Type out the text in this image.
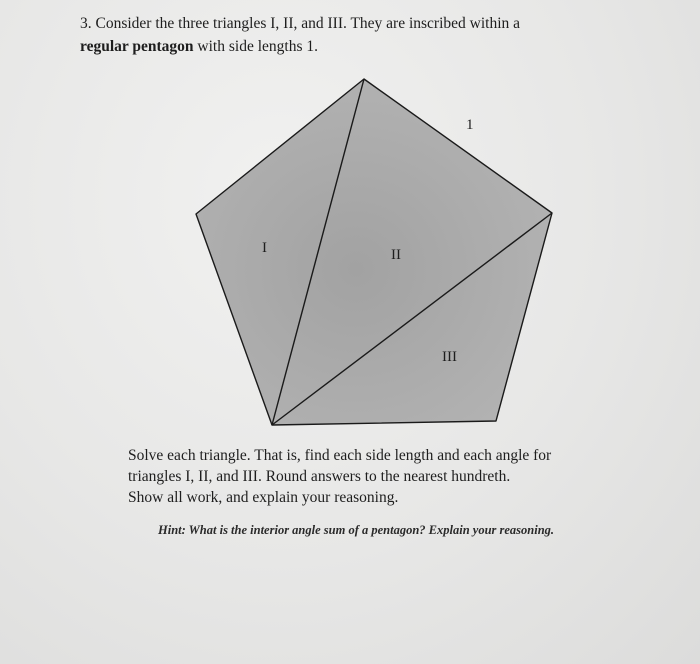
3. Consider the three triangles I, II, and III. They are inscribed within a
regular pentagon with side lengths 1.
1
I	II
III
Solve each triangle. That is, find each side length and each angle for
triangles I, II, and III. Round answers to the nearest hundreth.
Show all work, and explain your reasoning.
Hint: What is the interior angle sum of a pentagon? Explain your reasoning.
